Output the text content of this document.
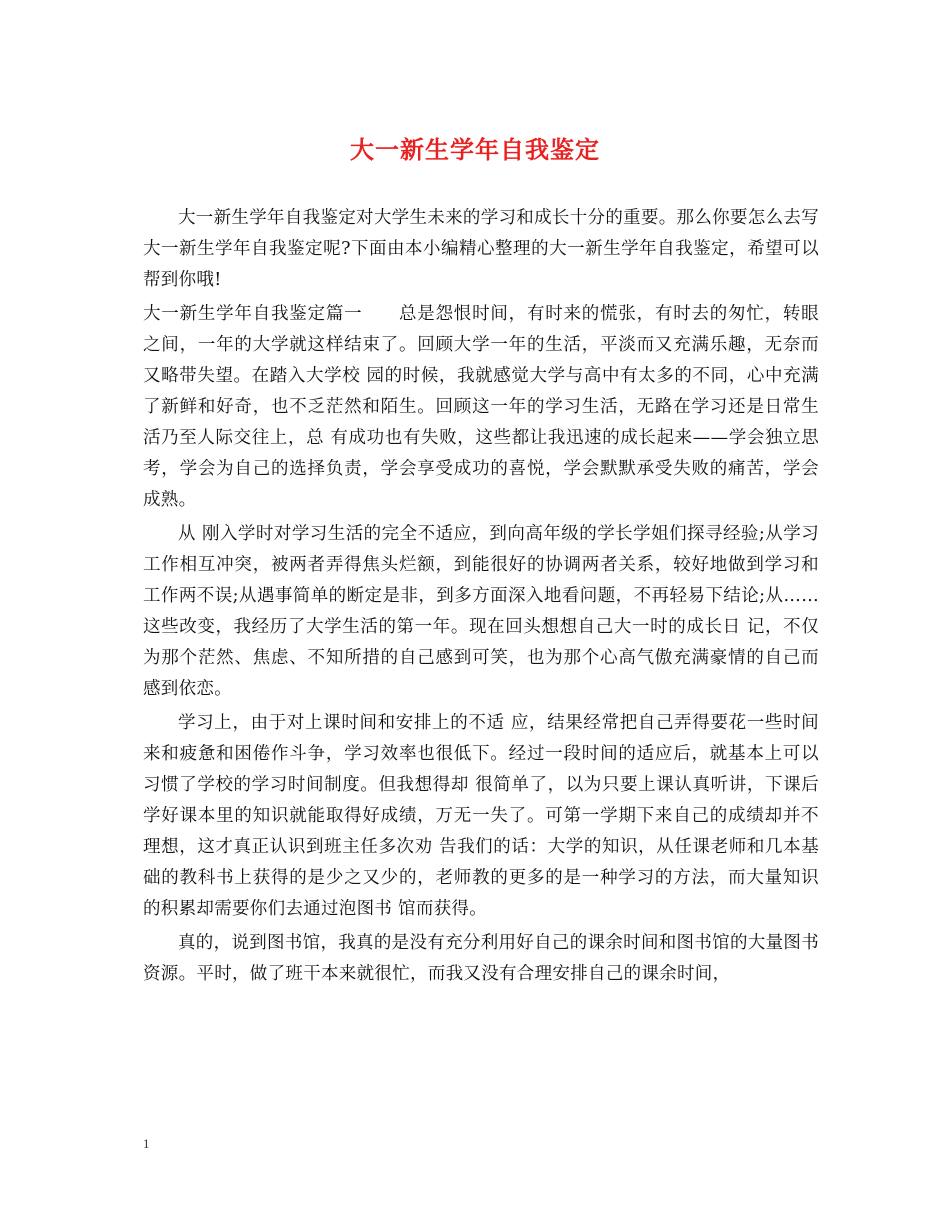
大一新生学年自我鉴定

大一新生学年自我鉴定对大学生未来的学习和成长十分的重要。那么你要怎么去写大一新生学年自我鉴定呢?下面由本小编精心整理的大一新生学年自我鉴定，希望可以帮到你哦!

大一新生学年自我鉴定篇一　　总是怨恨时间，有时来的慌张，有时去的匆忙，转眼之间，一年的大学就这样结束了。回顾大学一年的生活，平淡而又充满乐趣，无奈而又略带失望。在踏入大学校 园的时候，我就感觉大学与高中有太多的不同，心中充满了新鲜和好奇，也不乏茫然和陌生。回顾这一年的学习生活，无路在学习还是日常生活乃至人际交往上，总 有成功也有失败，这些都让我迅速的成长起来——学会独立思考，学会为自己的选择负责，学会享受成功的喜悦，学会默默承受失败的痛苦，学会成熟。

从 刚入学时对学习生活的完全不适应，到向高年级的学长学姐们探寻经验;从学习工作相互冲突，被两者弄得焦头烂额，到能很好的协调两者关系，较好地做到学习和 工作两不误;从遇事简单的断定是非，到多方面深入地看问题，不再轻易下结论;从……这些改变，我经历了大学生活的第一年。现在回头想想自己大一时的成长日 记，不仅为那个茫然、焦虑、不知所措的自己感到可笑，也为那个心高气傲充满豪情的自己而感到依恋。

学习上，由于对上课时间和安排上的不适 应，结果经常把自己弄得要花一些时间来和疲惫和困倦作斗争，学习效率也很低下。经过一段时间的适应后，就基本上可以习惯了学校的学习时间制度。但我想得却 很简单了，以为只要上课认真听讲，下课后学好课本里的知识就能取得好成绩，万无一失了。可第一学期下来自己的成绩却并不理想，这才真正认识到班主任多次劝 告我们的话：大学的知识，从任课老师和几本基础的教科书上获得的是少之又少的，老师教的更多的是一种学习的方法，而大量知识的积累却需要你们去通过泡图书 馆而获得。

真的，说到图书馆，我真的是没有充分利用好自己的课余时间和图书馆的大量图书资源。平时，做了班干本来就很忙，而我又没有合理安排自己的课余时间，

1
